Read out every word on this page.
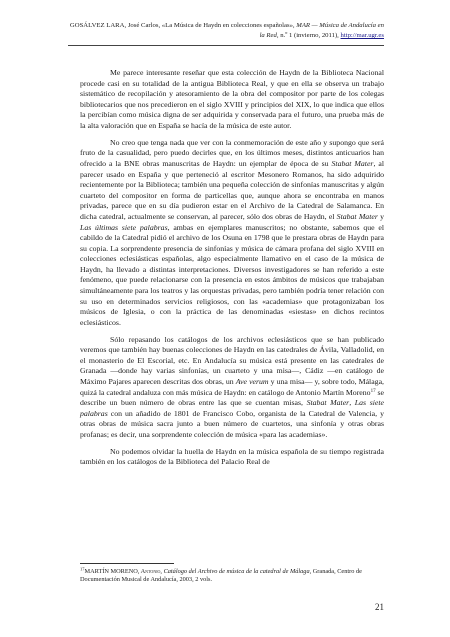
GOSÁLVEZ LARA, José Carlos, «La Música de Haydn en colecciones españolas», MAR — Música de Andalucía en la Red, n.º 1 (invierno, 2011), http://mar.ugr.es

Me parece interesante reseñar que esta colección de Haydn de la Biblioteca Nacional procede casi en su totalidad de la antigua Biblioteca Real, y que en ella se observa un trabajo sistemático de recopilación y atesoramiento de la obra del compositor por parte de los colegas bibliotecarios que nos precedieron en el siglo XVIII y principios del XIX, lo que indica que ellos la percibían como música digna de ser adquirida y conservada para el futuro, una prueba más de la alta valoración que en España se hacía de la música de este autor.

No creo que tenga nada que ver con la conmemoración de este año y supongo que será fruto de la casualidad, pero puedo decirles que, en los últimos meses, distintos anticuarios han ofrecido a la BNE obras manuscritas de Haydn: un ejemplar de época de su Stabat Mater, al parecer usado en España y que perteneció al escritor Mesonero Romanos, ha sido adquirido recientemente por la Biblioteca; también una pequeña colección de sinfonías manuscritas y algún cuarteto del compositor en forma de particellas que, aunque ahora se encontraba en manos privadas, parece que en su día pudieron estar en el Archivo de la Catedral de Salamanca. En dicha catedral, actualmente se conservan, al parecer, sólo dos obras de Haydn, el Stabat Mater y Las últimas siete palabras, ambas en ejemplares manuscritos; no obstante, sabemos que el cabildo de la Catedral pidió el archivo de los Osuna en 1798 que le prestara obras de Haydn para su copia. La sorprendente presencia de sinfonías y música de cámara profana del siglo XVIII en colecciones eclesiásticas españolas, algo especialmente llamativo en el caso de la música de Haydn, ha llevado a distintas interpretaciones. Diversos investigadores se han referido a este fenómeno, que puede relacionarse con la presencia en estos ámbitos de músicos que trabajaban simultáneamente para los teatros y las orquestas privadas, pero también podría tener relación con su uso en determinados servicios religiosos, con las «academias» que protagonizaban los músicos de Iglesia, o con la práctica de las denominadas «siestas» en dichos recintos eclesiásticos.

Sólo repasando los catálogos de los archivos eclesiásticos que se han publicado veremos que también hay buenas colecciones de Haydn en las catedrales de Ávila, Valladolid, en el monasterio de El Escorial, etc. En Andalucía su música está presente en las catedrales de Granada —donde hay varias sinfonías, un cuarteto y una misa—, Cádiz —en catálogo de Máximo Pajares aparecen descritas dos obras, un Ave verum y una misa— y, sobre todo, Málaga, quizá la catedral andaluza con más música de Haydn: en catálogo de Antonio Martín Moreno$^{17}$ se describe un buen número de obras entre las que se cuentan misas, Stabat Mater, Las siete palabras con un añadido de 1801 de Francisco Cobo, organista de la Catedral de Valencia, y otras obras de música sacra junto a buen número de cuartetos, una sinfonía y otras obras profanas; es decir, una sorprendente colección de música «para las academias».

No podemos olvidar la huella de Haydn en la música española de su tiempo registrada también en los catálogos de la Biblioteca del Palacio Real de

$^{17}$MARTÍN MORENO, Antonio, Catálogo del Archivo de música de la catedral de Málaga, Granada, Centro de Documentación Musical de Andalucía, 2003, 2 vols.
21
